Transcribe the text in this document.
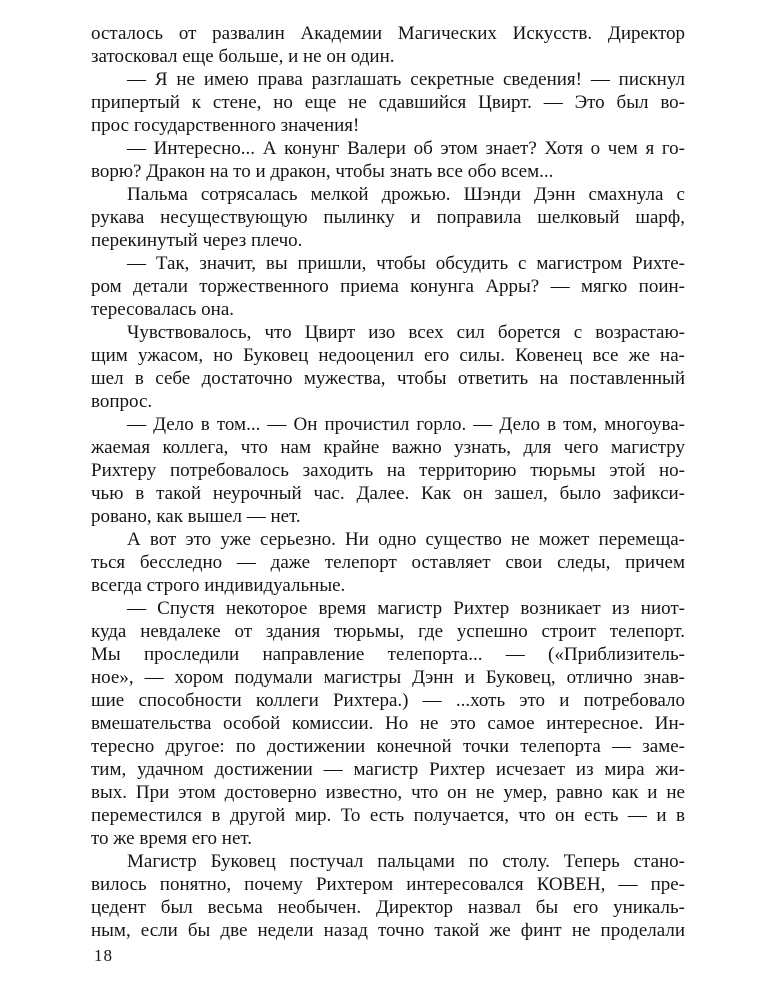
осталось от развалин Академии Магических Искусств. Директор
затосковал еще больше, и не он один.
— Я не имею права разглашать секретные сведения! — пискнул
припертый к стене, но еще не сдавшийся Цвирт. — Это был во-
прос государственного значения!
— Интересно... А конунг Валери об этом знает? Хотя о чем я го-
ворю? Дракон на то и дракон, чтобы знать все обо всем...
Пальма сотрясалась мелкой дрожью. Шэнди Дэнн смахнула с
рукава несуществующую пылинку и поправила шелковый шарф,
перекинутый через плечо.
— Так, значит, вы пришли, чтобы обсудить с магистром Рихте-
ром детали торжественного приема конунга Арры? — мягко поин-
тересовалась она.
Чувствовалось, что Цвирт изо всех сил борется с возрастаю-
щим ужасом, но Буковец недооценил его силы. Ковенец все же на-
шел в себе достаточно мужества, чтобы ответить на поставленный
вопрос.
— Дело в том... — Он прочистил горло. — Дело в том, многоува-
жаемая коллега, что нам крайне важно узнать, для чего магистру
Рихтеру потребовалось заходить на территорию тюрьмы этой но-
чью в такой неурочный час. Далее. Как он зашел, было зафикси-
ровано, как вышел — нет.
А вот это уже серьезно. Ни одно существо не может перемеща-
ться бесследно — даже телепорт оставляет свои следы, причем
всегда строго индивидуальные.
— Спустя некоторое время магистр Рихтер возникает из ниот-
куда невдалеке от здания тюрьмы, где успешно строит телепорт.
Мы проследили направление телепорта... — («Приблизитель-
ное», — хором подумали магистры Дэнн и Буковец, отлично знав-
шие способности коллеги Рихтера.) — ...хоть это и потребовало
вмешательства особой комиссии. Но не это самое интересное. Ин-
тересно другое: по достижении конечной точки телепорта — заме-
тим, удачном достижении — магистр Рихтер исчезает из мира жи-
вых. При этом достоверно известно, что он не умер, равно как и не
переместился в другой мир. То есть получается, что он есть — и в
то же время его нет.
Магистр Буковец постучал пальцами по столу. Теперь стано-
вилось понятно, почему Рихтером интересовался КОВЕН, — пре-
цедент был весьма необычен. Директор назвал бы его уникаль-
ным, если бы две недели назад точно такой же финт не проделали
18
